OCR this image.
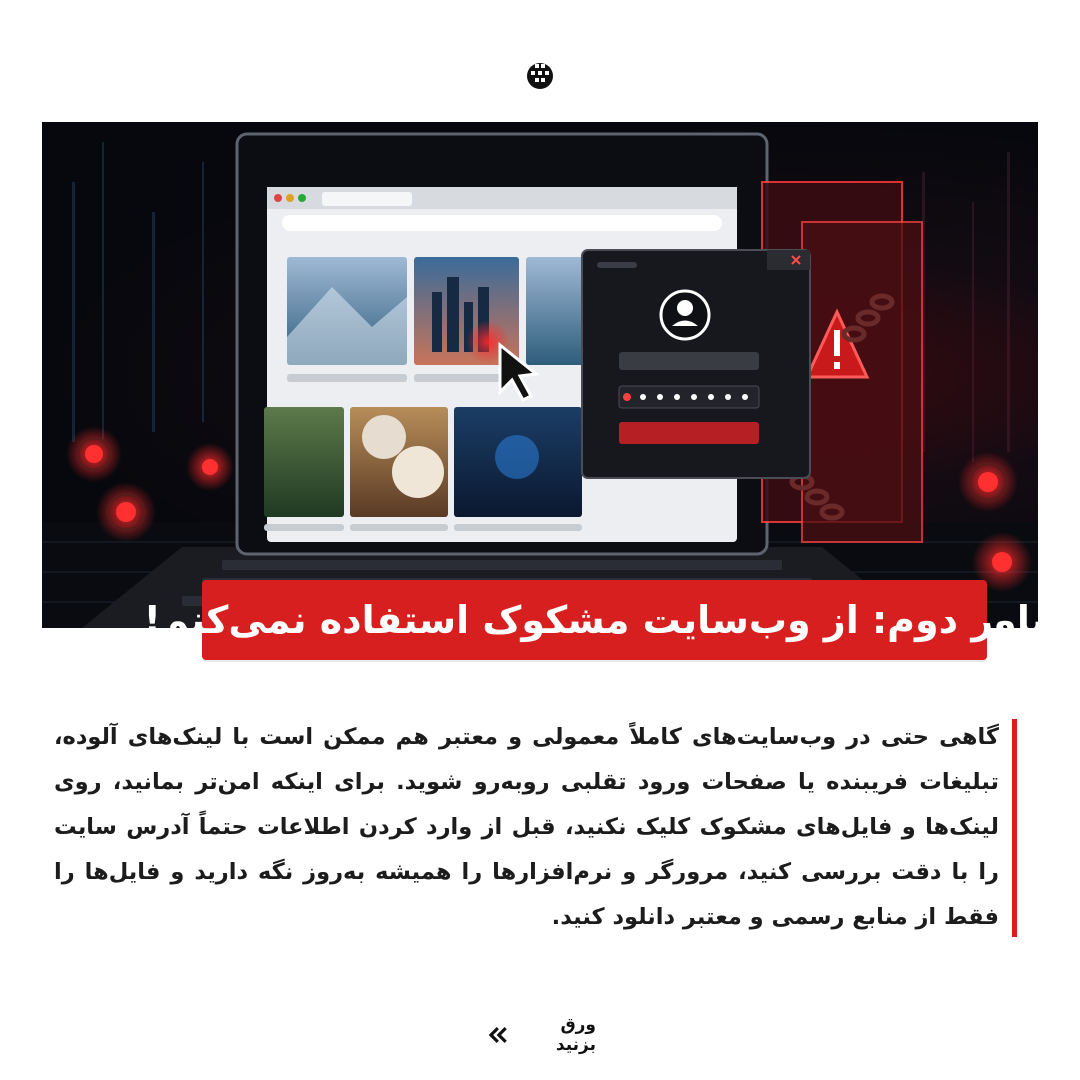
باور دوم: از وب‌سایت مشکوک استفاده نمی‌کنم!

گاهی حتی در وب‌سایت‌های کاملاً معمولی و معتبر هم ممکن است با لینک‌های آلوده، تبلیغات فریبنده یا صفحات ورود تقلبی روبه‌رو شوید. برای اینکه امن‌تر بمانید، روی لینک‌ها و فایل‌های مشکوک کلیک نکنید، قبل از وارد کردن اطلاعات حتماً آدرس سایت را با دقت بررسی کنید، مرورگر و نرم‌افزارها را همیشه به‌روز نگه دارید و فایل‌ها را فقط از منابع رسمی و معتبر دانلود کنید.

ورق بزنید
